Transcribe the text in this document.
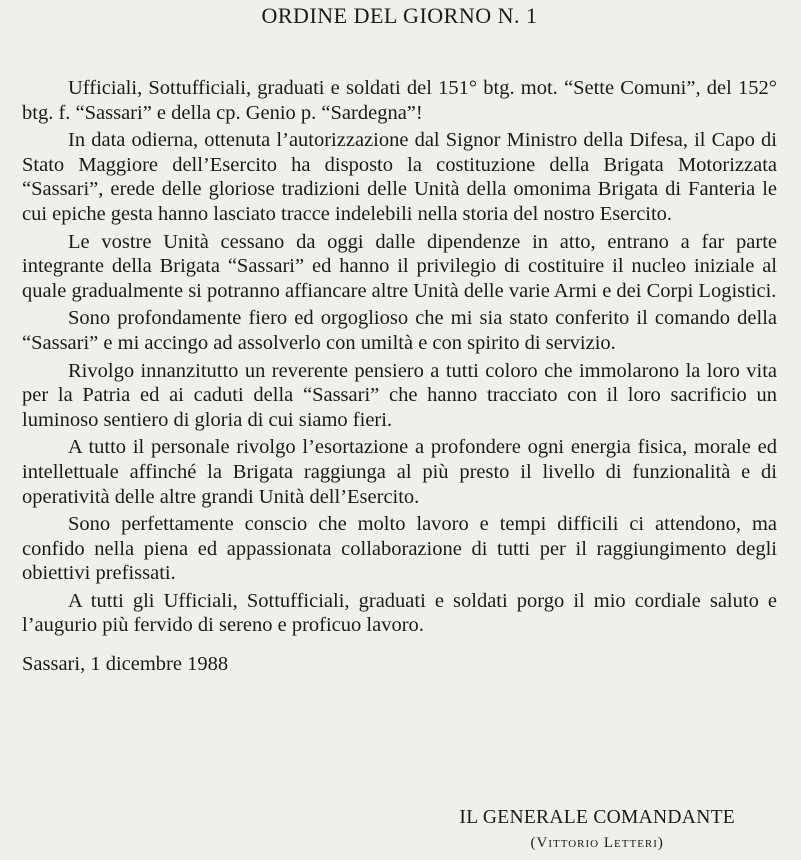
ORDINE DEL GIORNO N. 1

Ufficiali, Sottufficiali, graduati e soldati del 151° btg. mot. “Sette Comuni”, del 152° btg. f. “Sassari” e della cp. Genio p. “Sardegna”!

In data odierna, ottenuta l’autorizzazione dal Signor Ministro della Difesa, il Capo di Stato Maggiore dell’Esercito ha disposto la costituzione della Brigata Motorizzata “Sassari”, erede delle gloriose tradizioni delle Unità della omonima Brigata di Fanteria le cui epiche gesta hanno lasciato tracce indelebili nella storia del nostro Esercito.

Le vostre Unità cessano da oggi dalle dipendenze in atto, entrano a far parte integrante della Brigata “Sassari” ed hanno il privilegio di costituire il nucleo iniziale al quale gradualmente si potranno affiancare altre Unità delle varie Armi e dei Corpi Logistici.

Sono profondamente fiero ed orgoglioso che mi sia stato conferito il comando della “Sassari” e mi accingo ad assolverlo con umiltà e con spirito di servizio.

Rivolgo innanzitutto un reverente pensiero a tutti coloro che immolarono la loro vita per la Patria ed ai caduti della “Sassari” che hanno tracciato con il loro sacrificio un luminoso sentiero di gloria di cui siamo fieri.

A tutto il personale rivolgo l’esortazione a profondere ogni energia fisica, morale ed intellettuale affinché la Brigata raggiunga al più presto il livello di funzionalità e di operatività delle altre grandi Unità dell’Esercito.

Sono perfettamente conscio che molto lavoro e tempi difficili ci attendono, ma confido nella piena ed appassionata collaborazione di tutti per il raggiungimento degli obiettivi prefissati.

A tutti gli Ufficiali, Sottufficiali, graduati e soldati porgo il mio cordiale saluto e l’augurio più fervido di sereno e proficuo lavoro.

Sassari, 1 dicembre 1988
IL GENERALE COMANDANTE
(Vittorio Letteri)
